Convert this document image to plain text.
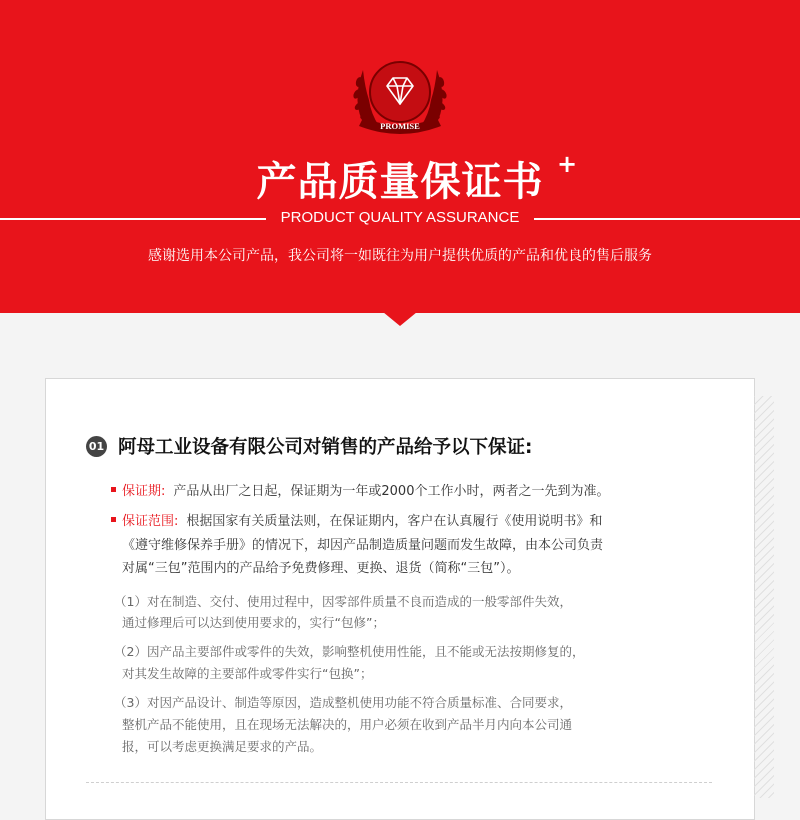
PROMISE
产品质量保证书 +
PRODUCT QUALITY ASSURANCE
感谢选用本公司产品，我公司将一如既往为用户提供优质的产品和优良的售后服务
01 阿母工业设备有限公司对销售的产品给予以下保证:
保证期: 产品从出厂之日起，保证期为一年或2000个工作小时，两者之一先到为准。
保证范围: 根据国家有关质量法则，在保证期内，客户在认真履行《使用说明书》和
《遵守维修保养手册》的情况下，却因产品制造质量问题而发生故障，由本公司负责
对属“三包”范围内的产品给予免费修理、更换、退货（简称“三包”）。
（1）对在制造、交付、使用过程中，因零部件质量不良而造成的一般零部件失效，
通过修理后可以达到使用要求的，实行“包修”；
（2）因产品主要部件或零件的失效，影响整机使用性能，且不能或无法按期修复的，
对其发生故障的主要部件或零件实行“包换”；
（3）对因产品设计、制造等原因，造成整机使用功能不符合质量标准、合同要求，
整机产品不能使用，且在现场无法解决的，用户必须在收到产品半月内向本公司通
报，可以考虑更换满足要求的产品。
